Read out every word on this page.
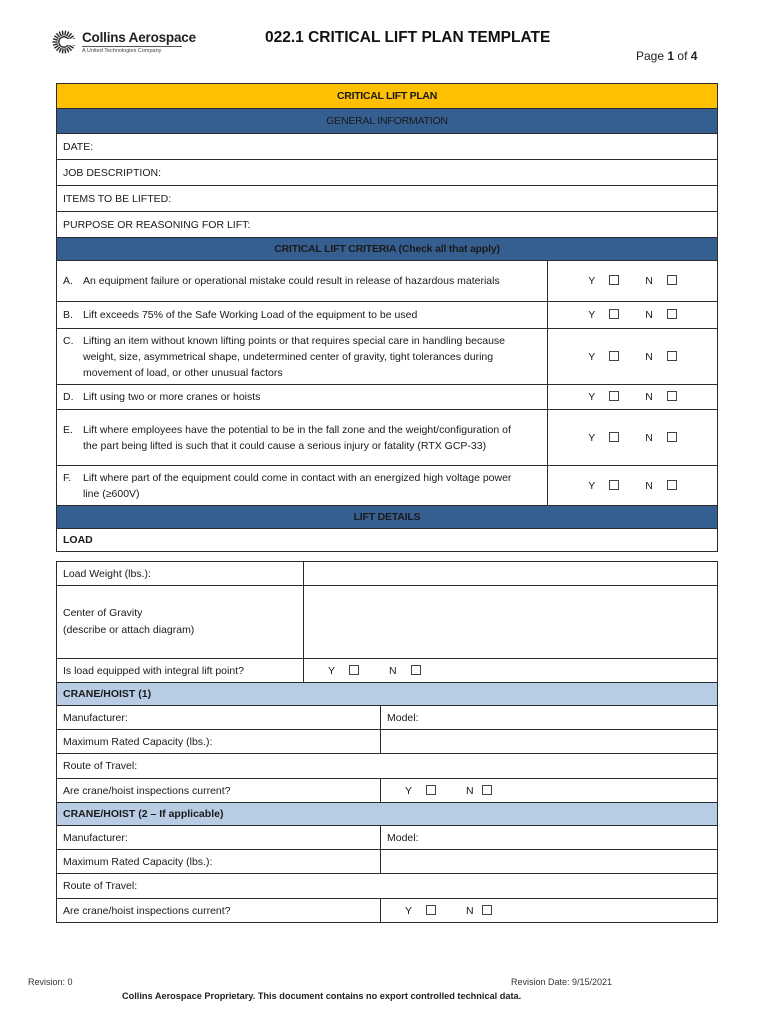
Collins Aerospace
A United Technologies Company
022.1 CRITICAL LIFT PLAN TEMPLATE
Page 1 of 4
CRITICAL LIFT PLAN	
GENERAL INFORMATION	
DATE:	
JOB DESCRIPTION:	
ITEMS TO BE LIFTED:	
PURPOSE OR REASONING FOR LIFT:	
CRITICAL LIFT CRITERIA (Check all that apply)	
A. An equipment failure or operational mistake could result in release of hazardous materials	Y N
B. Lift exceeds 75% of the Safe Working Load of the equipment to be used	Y N
C. Lifting an item without known lifting points or that requires special care in handling because weight, size, asymmetrical shape, undetermined center of gravity, tight tolerances during movement of load, or other unusual factors	Y N
D. Lift using two or more cranes or hoists	Y N
E. Lift where employees have the potential to be in the fall zone and the weight/configuration of the part being lifted is such that it could cause a serious injury or fatality (RTX GCP-33)	Y N
F. Lift where part of the equipment could come in contact with an energized high voltage power line (≥600V)	Y N
LIFT DETAILS	
LOAD	
Load Weight (lbs.):	

Center of Gravity
(describe or attach diagram)	

Is load equipped with integral lift point?	Y N
CRANE/HOIST (1)	
Manufacturer:	Model:
Maximum Rated Capacity (lbs.):	
Route of Travel:	
Are crane/hoist inspections current?	Y N
CRANE/HOIST (2 – If applicable)	
Manufacturer:	Model:
Maximum Rated Capacity (lbs.):	
Route of Travel:	
Are crane/hoist inspections current?	Y N
Revision: 0	Revision Date: 9/15/2021
Collins Aerospace Proprietary. This document contains no export controlled technical data.
